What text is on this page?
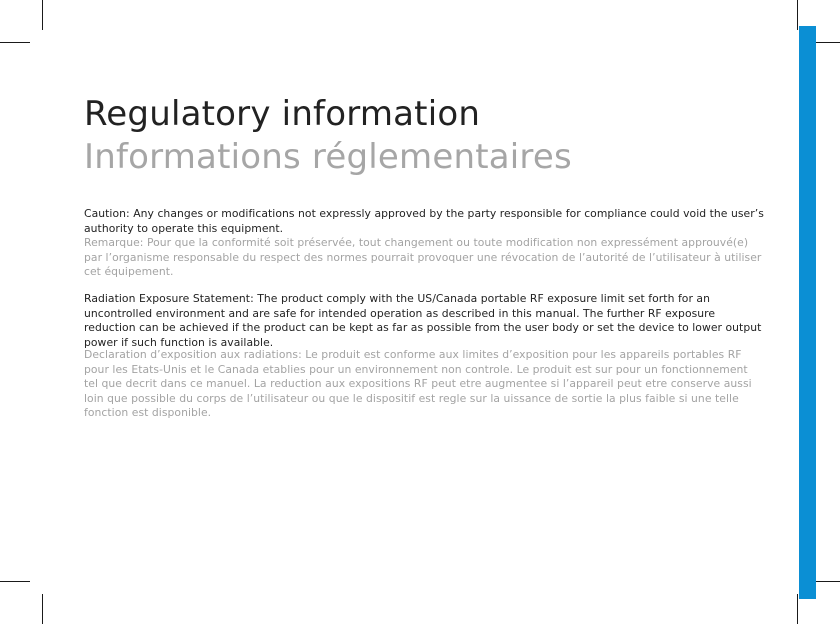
Regulatory information
Informations réglementaires

Caution: Any changes or modifications not expressly approved by the party responsible for compliance could void the user’s authority to operate this equipment.

Remarque: Pour que la conformité soit préservée, tout changement ou toute modification non expressément approuvé(e) par l’organisme responsable du respect des normes pourrait provoquer une révocation de l’autorité de l’utilisateur à utiliser cet équipement.

Radiation Exposure Statement: The product comply with the US/Canada portable RF exposure limit set forth for an uncontrolled environment and are safe for intended operation as described in this manual. The further RF exposure reduction can be achieved if the product can be kept as far as possible from the user body or set the device to lower output power if such function is available.

Declaration d’exposition aux radiations: Le produit est conforme aux limites d’exposition pour les appareils portables RF pour les Etats-Unis et le Canada etablies pour un environnement non controle. Le produit est sur pour un fonctionnement tel que decrit dans ce manuel. La reduction aux expositions RF peut etre augmentee si l’appareil peut etre conserve aussi loin que possible du corps de l’utilisateur ou que le dispositif est regle sur la uissance de sortie la plus faible si une telle fonction est disponible.
